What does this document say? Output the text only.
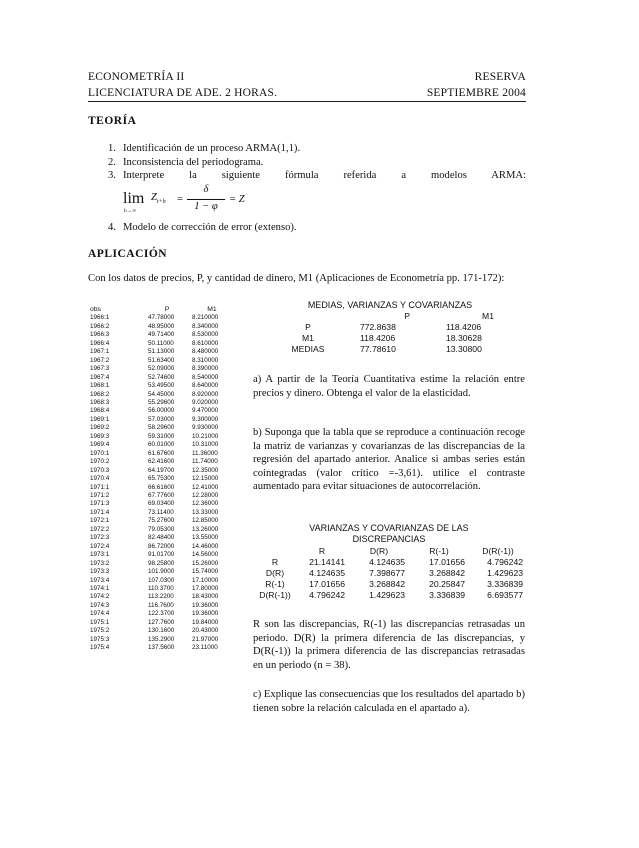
ECONOMETRÍA II
LICENCIATURA DE ADE. 2 HORAS.
RESERVA
SEPTIEMBRE 2004
TEORÍA
1. Identificación de un proceso ARMA(1,1).
2. Inconsistencia del periodograma.
3. Interprete la siguiente fórmula referida a modelos ARMA:
lim
h→∞
$Z_{t+h}$ =
δ
1 − φ
= Z
4. Modelo de corrección de error (extenso).
APLICACIÓN
Con los datos de precios, P, y cantidad de dinero, M1 (Aplicaciones de Econometría pp. 171-172):
obs	P	M1
1966:1	47.78000	8.210000
1966:2	48.95000	8.340000
1966:3	49.71400	8.530000
1966:4	50.11000	8.610000
1967:1	51.13000	8.480000
1967:2	51.63400	8.310000
1967:3	52.09000	8.390000
1967:4	52.74600	8.540000
1968:1	53.49500	8.640000
1968:2	54.45000	8.920000
1968:3	55.29600	9.020000
1968:4	56.00000	9.470000
1969:1	57.03000	9.300000
1969:2	58.29600	9.930000
1969:3	59.31000	10.21000
1969:4	60.01000	10.31000
1970:1	61.67600	11.36000
1970:2	62.41600	11.74000
1970:3	64.19700	12.35000
1970:4	65.75300	12.15000
1971:1	66.61600	12.41000
1971:2	67.77600	12.28000
1971:3	69.03400	12.36000
1971:4	73.11400	13.33000
1972:1	75.27600	12.85000
1972:2	79.05300	13.26000
1972:3	82.48400	13.55000
1972:4	86.72000	14.46000
1973:1	91.01700	14.56000
1973:2	98.25800	15.26000
1973:3	101.9000	15.74000
1973:4	107.0300	17.10000
1974:1	110.3700	17.80000
1974:2	113.2200	18.43000
1974:3	116.7600	19.36000
1974:4	122.3700	19.36000
1975:1	127.7600	19.84000
1975:2	130.1600	20.43000
1975:3	135.2900	21.97000
1975:4	137.5600	23.11000
MEDIAS, VARIANZAS Y COVARIANZAS
	P	M1
P	772.8638	118.4206
M1	118.4206	18.30628
MEDIAS	77.78610	13.30800
a) A partir de la Teoría Cuantitativa estime la relación entre precios y dinero. Obtenga el valor de la elasticidad.
b) Suponga que la tabla que se reproduce a continuación recoge la matriz de varianzas y covarianzas de las discrepancias de la regresión del apartado anterior. Analice si ambas series están cointegradas (valor crítico =-3,61). utilice el contraste aumentado para evitar situaciones de autocorrelación.
VARIANZAS Y COVARIANZAS DE LAS
DISCREPANCIAS
	R	D(R)	R(-1)	D(R(-1))
R	21.14141	4.124635	17.01656	4.796242
D(R)	4.124635	7.398677	3.268842	1.429623
R(-1)	17.01656	3.268842	20.25847	3.336839
D(R(-1))	4.796242	1.429623	3.336839	6.693577
R son las discrepancias, R(-1) las discrepancias retrasadas un periodo. D(R) la primera diferencia de las discrepancias, y D(R(-1)) la primera diferencia de las discrepancias retrasadas en un periodo (n = 38).
c) Explique las consecuencias que los resultados del apartado b) tienen sobre la relación calculada en el apartado a).
